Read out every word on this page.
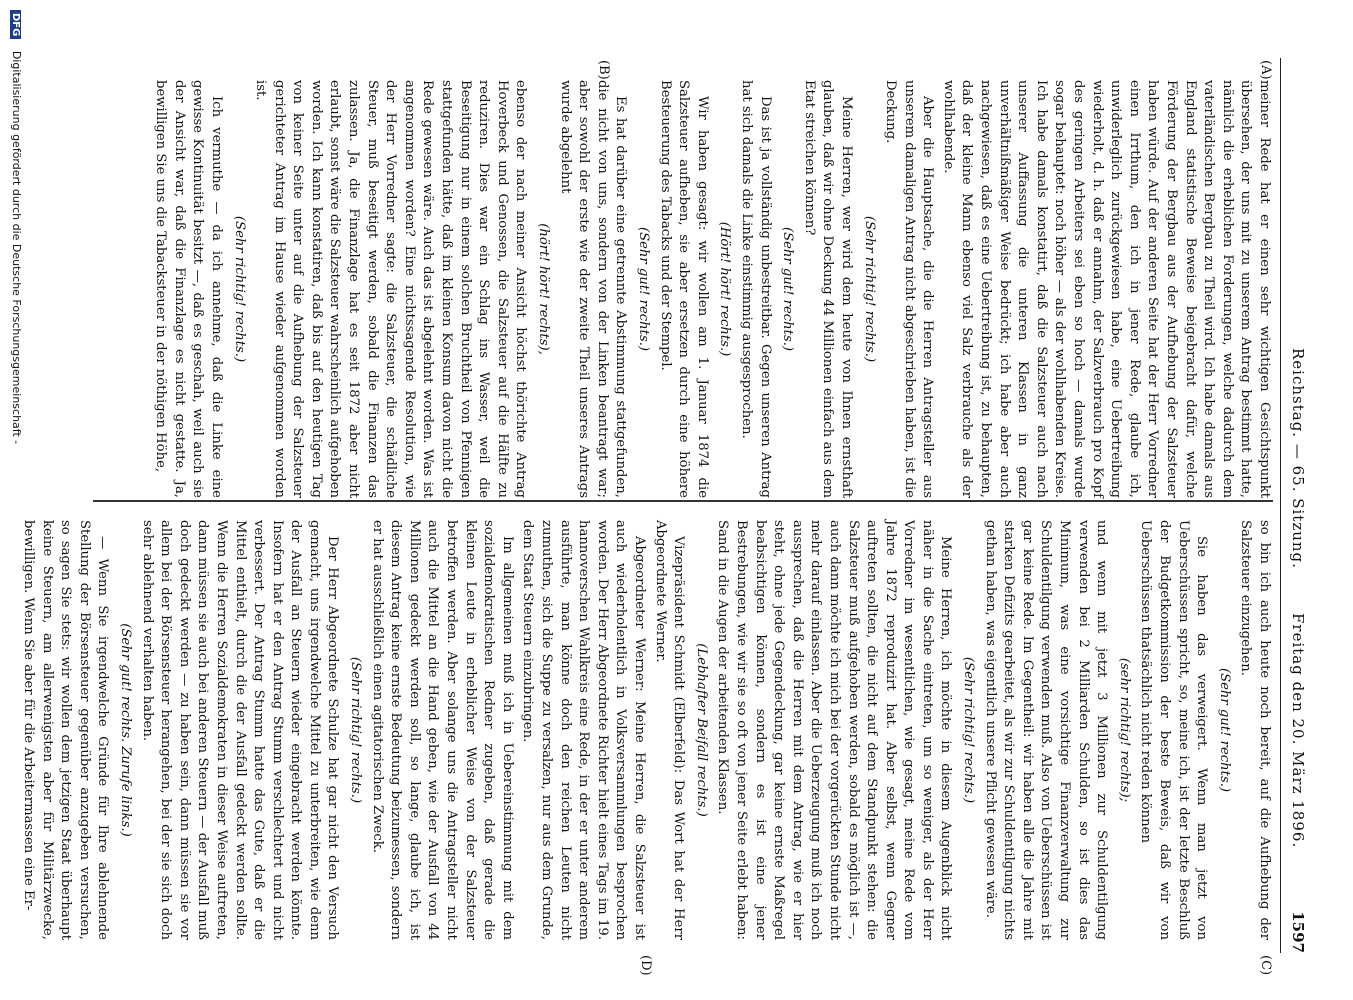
Reichstag. — 65. Sitzung.
Freitag den 20. März 1896.
1597
(A)
(B)
(C)
(D)

meiner Rede hat er einen sehr wichtigen Gesichtspunkt übersehen, der uns mit zu unserem Antrag bestimmt hatte, nämlich die erheblichen Forderungen, welche dadurch dem vaterländischen Bergbau zu Theil wird. Ich habe damals aus England statistische Beweise beigebracht dafür, welche Förderung der Bergbau aus der Aufhebung der Salzsteuer haben würde. Auf der anderen Seite hat der Herr Vorredner einen Irrthum, den ich in jener Rede, glaube ich, unwiderleglich zurückgewiesen habe, eine Uebertreibung wiederholt, d. h. daß er annahm, der Salzverbrauch pro Kopf des geringen Arbeiters sei eben so hoch — damals wurde sogar behauptet: noch höher — als der wohlhabenden Kreise. Ich habe damals konstatirt, daß die Salzsteuer auch nach unserer Auffassung die unteren Klassen in ganz unverhältnißmäßiger Weise bedrückt; ich habe aber auch nachgewiesen, daß es eine Uebertreibung ist, zu behaupten, daß der kleine Mann ebenso viel Salz verbrauche als der wohlhabende.

Aber die Hauptsache, die die Herren Antragsteller aus unserem damaligen Antrag nicht abgeschrieben haben, ist die Deckung.

(Sehr richtig! rechts.)

Meine Herren, wer wird dem heute von Ihnen ernsthaft glauben, daß wir ohne Deckung 44 Millionen einfach aus dem Etat streichen können?

(Sehr gut! rechts.)

Das ist ja vollständig unbestreitbar. Gegen unseren Antrag hat sich damals die Linke einstimmig ausgesprochen.

(Hört! hört! rechts.)

Wir haben gesagt: wir wollen am 1. Januar 1874 die Salzsteuer aufheben, sie aber ersetzen durch eine höhere Besteuerung des Tabacks und der Stempel.

(Sehr gut! rechts.)

Es hat darüber eine getrennte Abstimmung stattgefunden, die nicht von uns, sondern von der Linken beantragt war; aber sowohl der erste wie der zweite Theil unseres Antrags wurde abgelehnt

(hört! hört! rechts),

ebenso der nach meiner Ansicht höchst thörichte Antrag Hoverbeck und Genossen, die Salzsteuer auf die Hälfte zu reduziren. Dies war ein Schlag ins Wasser, weil die Beseitigung nur in einem solchen Bruchtheil von Pfennigen stattgefunden hätte, daß im kleinen Konsum davon nicht die Rede gewesen wäre. Auch das ist abgelehnt worden. Was ist angenommen worden? Eine nichtssagende Resolution, wie der Herr Vorredner sagte: die Salzsteuer, die schädliche Steuer, muß beseitigt werden, sobald die Finanzen das zulassen. Ja, die Finanzlage hat es seit 1872 aber nicht erlaubt, sonst wäre die Salzsteuer wahrscheinlich aufgehoben worden. Ich kann konstatiren, daß bis auf den heutigen Tag von keiner Seite unter auf die Aufhebung der Salzsteuer gerichteter Antrag im Hause wieder aufgenommen worden ist.

(Sehr richtig! rechts.)

Ich vermuthe — da ich annehme, daß die Linke eine gewisse Kontinuität besitzt —, daß es geschah, weil auch sie der Ansicht war, daß die Finanzlage es nicht gestatte. Ja, bewilligen Sie uns die Tabacksteuer in der nöthigen Höhe,

so bin ich auch heute noch bereit, auf die Aufhebung der Salzsteuer einzugehen.

(Sehr gut! rechts.)

Sie haben das verweigert. Wenn man jetzt von Ueberschüssen spricht, so, meine ich, ist der letzte Beschluß der Budgetkommission der beste Beweis, daß wir von Ueberschüssen thatsächlich nicht reden können

(sehr richtig! rechts);

und wenn mit jetzt 3 Millionen zur Schuldentilgung verwenden bei 2 Milliarden Schulden, so ist dies das Minimum, was eine vorsichtige Finanzverwaltung zur Schuldentilgung verwenden muß. Also von Ueberschüssen ist gar keine Rede. Im Gegentheil: wir haben alle die Jahre mit starken Defizits gearbeitet, als wir zur Schuldentilgung nichts gethan haben, was eigentlich unsere Pflicht gewesen wäre.

(Sehr richtig! rechts.)

Meine Herren, ich möchte in diesem Augenblick nicht näher in die Sache eintreten, um so weniger, als der Herr Vorredner im wesentlichen, wie gesagt, meine Rede vom Jahre 1872 reproduzirt hat. Aber selbst, wenn Gegner auftreten sollten, die nicht auf dem Standpunkt stehen: die Salzsteuer muß aufgehoben werden, sobald es möglich ist —, auch dann möchte ich mich bei der vorgerückten Stunde nicht mehr darauf einlassen. Aber die Ueberzeugung muß ich noch aussprechen, daß die Herren mit dem Antrag, wie er hier steht, ohne jede Gegendeckung, gar keine ernste Maßregel beabsichtigen können, sondern es ist eine jener Bestrebungen, wie wir sie so oft von jener Seite erlebt haben: Sand in die Augen der arbeitenden Klassen.

(Lebhafter Beifall rechts.)

Vizepräsident Schmidt (Elberfeld): Das Wort hat der Herr Abgeordnete Werner.

Abgeordneter Werner: Meine Herren, die Salzsteuer ist auch wiederholentlich in Volksversammlungen besprochen worden. Der Herr Abgeordnete Richter hielt eines Tags im 19. hannoverschen Wahlkreis eine Rede, in der er unter anderem ausführte, man könne doch den reichen Leuten nicht zumuthen, sich die Suppe zu versalzen, nur aus dem Grunde, dem Staat Steuern einzubringen.

Im allgemeinen muß ich in Uebereinstimmung mit dem sozialdemokratischen Redner zugeben, daß gerade die kleinen Leute in erheblicher Weise von der Salzsteuer betroffen werden. Aber solange uns die Antragsteller nicht auch die Mittel an die Hand geben, wie der Ausfall von 44 Millionen gedeckt werden soll, so lange, glaube ich, ist diesem Antrag keine ernste Bedeutung beizumessen, sondern er hat ausschließlich einen agitatorischen Zweck.

(Sehr richtig! rechts.)

Der Herr Abgeordnete Schulze hat gar nicht den Versuch gemacht, uns irgendwelche Mittel zu unterbreiten, wie denn der Ausfall an Steuern wieder eingebracht werden könnte. Insofern hat er den Antrag Stumm verschlechtert und nicht verbessert. Der Antrag Stumm hatte das Gute, daß er die Mittel enthielt, durch die der Ausfall gedeckt werden sollte. Wenn die Herren Sozialdemokraten in dieser Weise auftreten, dann müssen sie auch bei anderen Steuern — der Ausfall muß doch gedeckt werden — zu haben sein, dann müssen sie vor allem bei der Börsensteuer herangehen, bei der sie sich doch sehr ablehnend verhalten haben.

(Sehr gut! rechts. Zurufe links.)

— Wenn Sie irgendwelche Gründe für Ihre ablehnende Stellung der Börsensteuer gegenüber anzugeben versuchen, so sagen Sie stets: wir wollen dem jetzigen Staat überhaupt keine Steuern, am allerwenigsten aber für Militärzwecke, bewilligen. Wenn Sie aber für die Arbeitermassen eine Er-

DFG Digitalisierung gefördert durch die Deutsche Forschungsgemeinschaft -
